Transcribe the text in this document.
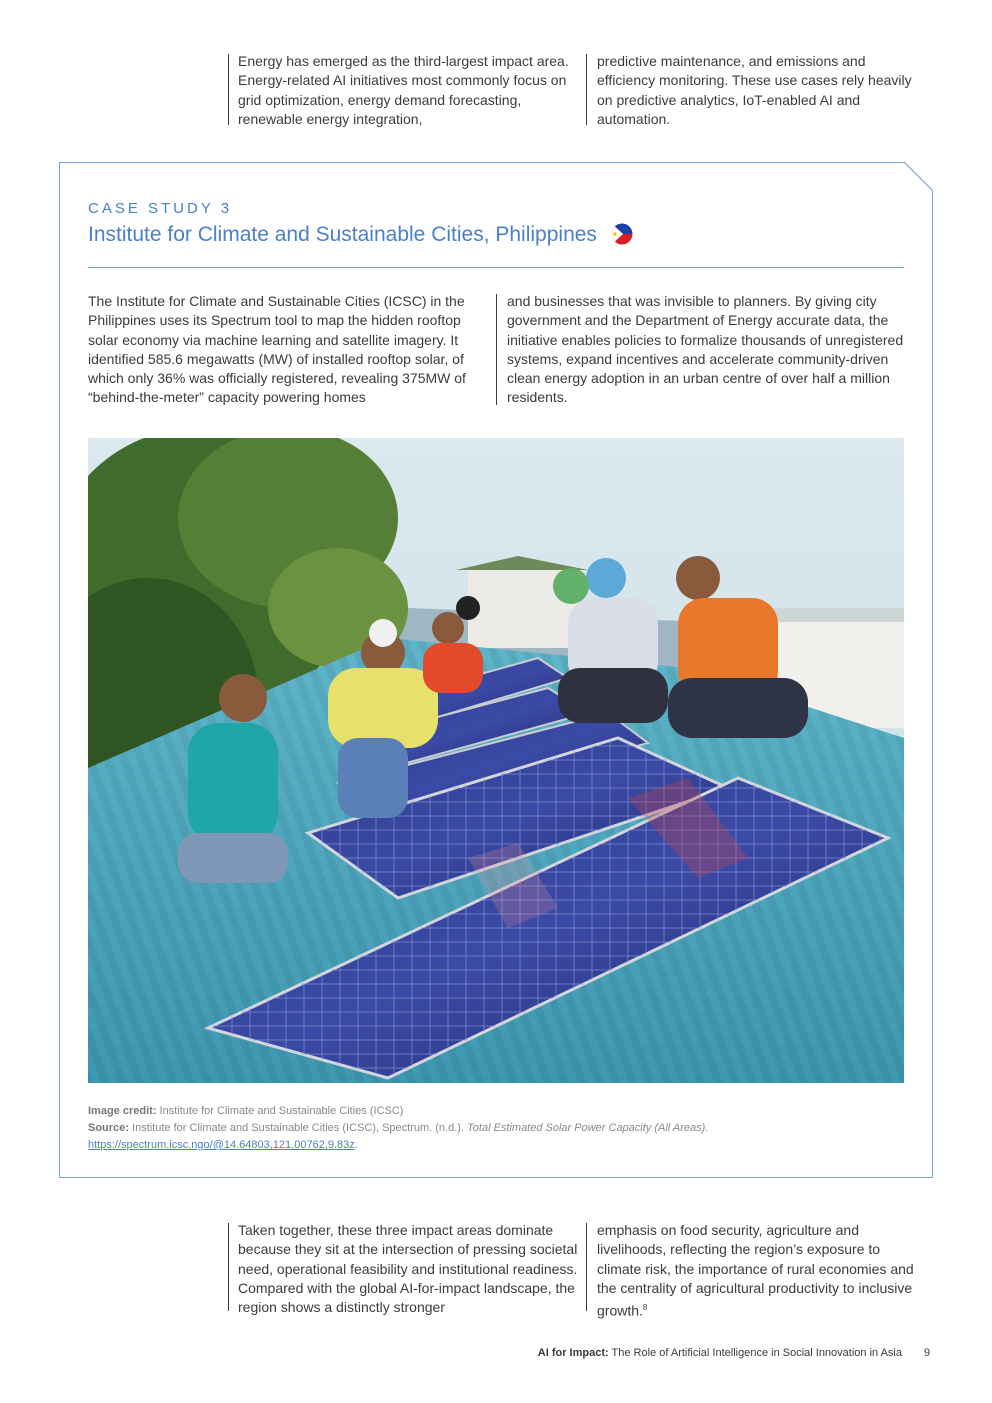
Energy has emerged as the third-largest impact area. Energy-related AI initiatives most commonly focus on grid optimization, energy demand forecasting, renewable energy integration,

predictive maintenance, and emissions and efficiency monitoring. These use cases rely heavily on predictive analytics, IoT-enabled AI and automation.

CASE STUDY 3
Institute for Climate and Sustainable Cities, Philippines

The Institute for Climate and Sustainable Cities (ICSC) in the Philippines uses its Spectrum tool to map the hidden rooftop solar economy via machine learning and satellite imagery. It identified 585.6 megawatts (MW) of installed rooftop solar, of which only 36% was officially registered, revealing 375MW of “behind-the-meter” capacity powering homes

and businesses that was invisible to planners. By giving city government and the Department of Energy accurate data, the initiative enables policies to formalize thousands of unregistered systems, expand incentives and accelerate community-driven clean energy adoption in an urban centre of over half a million residents.

Image credit: Institute for Climate and Sustainable Cities (ICSC)
Source: Institute for Climate and Sustainable Cities (ICSC), Spectrum. (n.d.). Total Estimated Solar Power Capacity (All Areas).
https://spectrum.icsc.ngo/@14.64803,121.00762,9.83z.

Taken together, these three impact areas dominate because they sit at the intersection of pressing societal need, operational feasibility and institutional readiness. Compared with the global AI-for-impact landscape, the region shows a distinctly stronger

emphasis on food security, agriculture and livelihoods, reflecting the region’s exposure to climate risk, the importance of rural economies and the centrality of agricultural productivity to inclusive growth.$^8$

AI for Impact: The Role of Artificial Intelligence in Social Innovation in Asia 9
